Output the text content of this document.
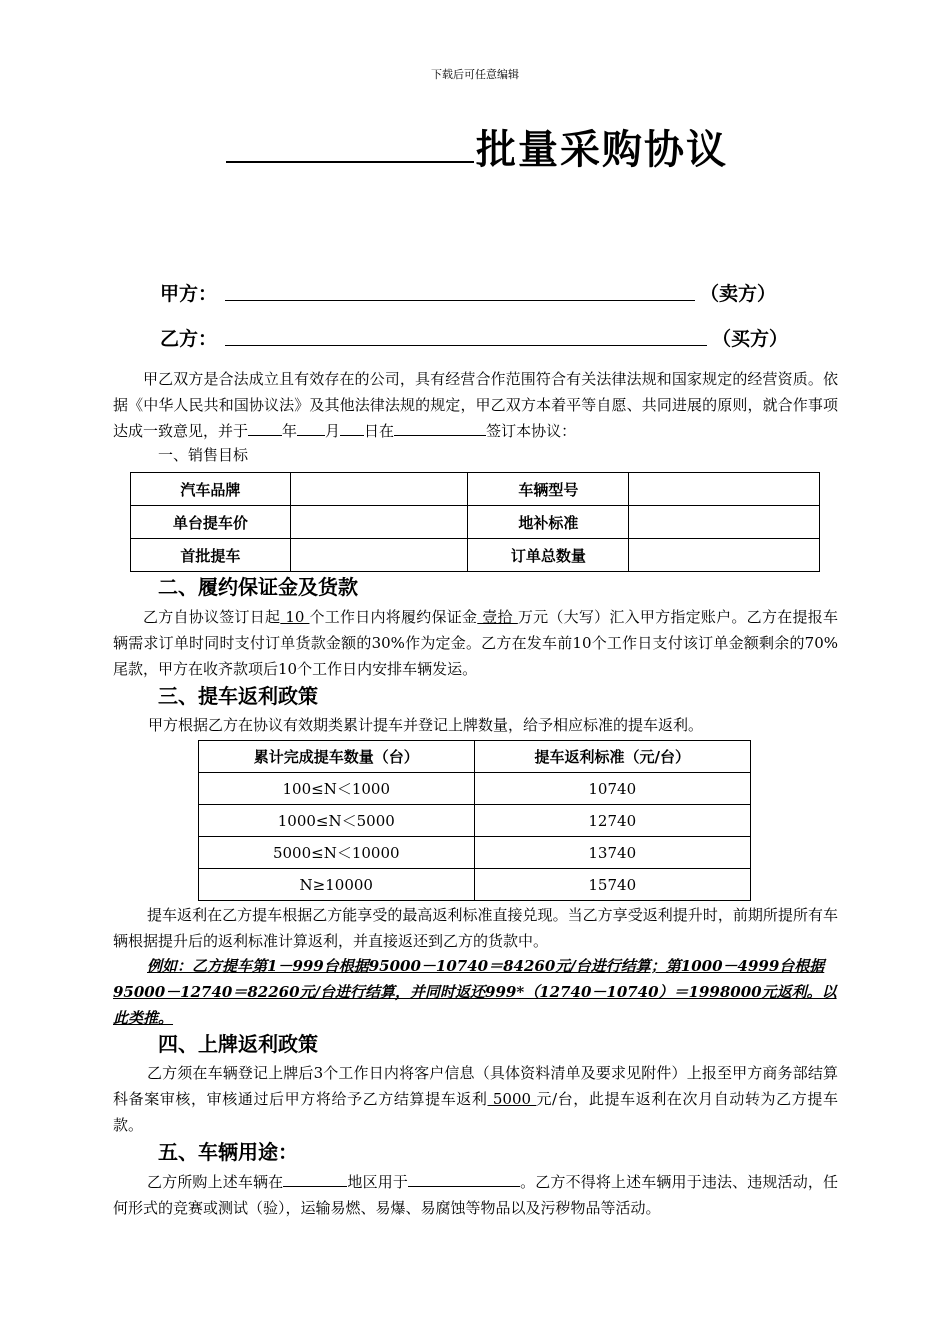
下载后可任意编辑
批量采购协议
甲方：	（卖方）
乙方：	（买方）
甲乙双方是合法成立且有效存在的公司，具有经营合作范围符合有关法律法规和国家规定的经营资质。依据《中华人民共和国协议法》及其他法律法规的规定，甲乙双方本着平等自愿、共同进展的原则，就合作事项达成一致意见，并于 年 月 日在	签订本协议：
一、销售目标
汽车品牌		车辆型号	
单台提车价		地补标准	
首批提车		订单总数量	
二、履约保证金及货款
乙方自协议签订日起 10 个工作日内将履约保证金 壹拾 万元（大写）汇入甲方指定账户。乙方在提报车辆需求订单时同时支付订单货款金额的30%作为定金。乙方在发车前10个工作日支付该订单金额剩余的70%尾款，甲方在收齐款项后10个工作日内安排车辆发运。
三、提车返利政策
甲方根据乙方在协议有效期类累计提车并登记上牌数量，给予相应标准的提车返利。
累计完成提车数量（台）	提车返利标准（元/台）
100≤N＜1000	10740
1000≤N＜5000	12740
5000≤N＜10000	13740
N≥10000	15740
提车返利在乙方提车根据乙方能享受的最高返利标准直接兑现。当乙方享受返利提升时，前期所提所有车辆根据提升后的返利标准计算返利，并直接返还到乙方的货款中。
例如：乙方提车第1－999台根据95000－10740＝84260元/台进行结算；第1000－4999台根据95000－12740＝82260元/台进行结算，并同时返还999*（12740－10740）＝1998000元返利。以此类推。
四、上牌返利政策
乙方须在车辆登记上牌后3个工作日内将客户信息（具体资料清单及要求见附件）上报至甲方商务部结算科备案审核，审核通过后甲方将给予乙方结算提车返利 5000 元/台，此提车返利在次月自动转为乙方提车款。
五、车辆用途：
乙方所购上述车辆在	地区用于	。乙方不得将上述车辆用于违法、违规活动，任何形式的竞赛或测试（验），运输易燃、易爆、易腐蚀等物品以及污秽物品等活动。
